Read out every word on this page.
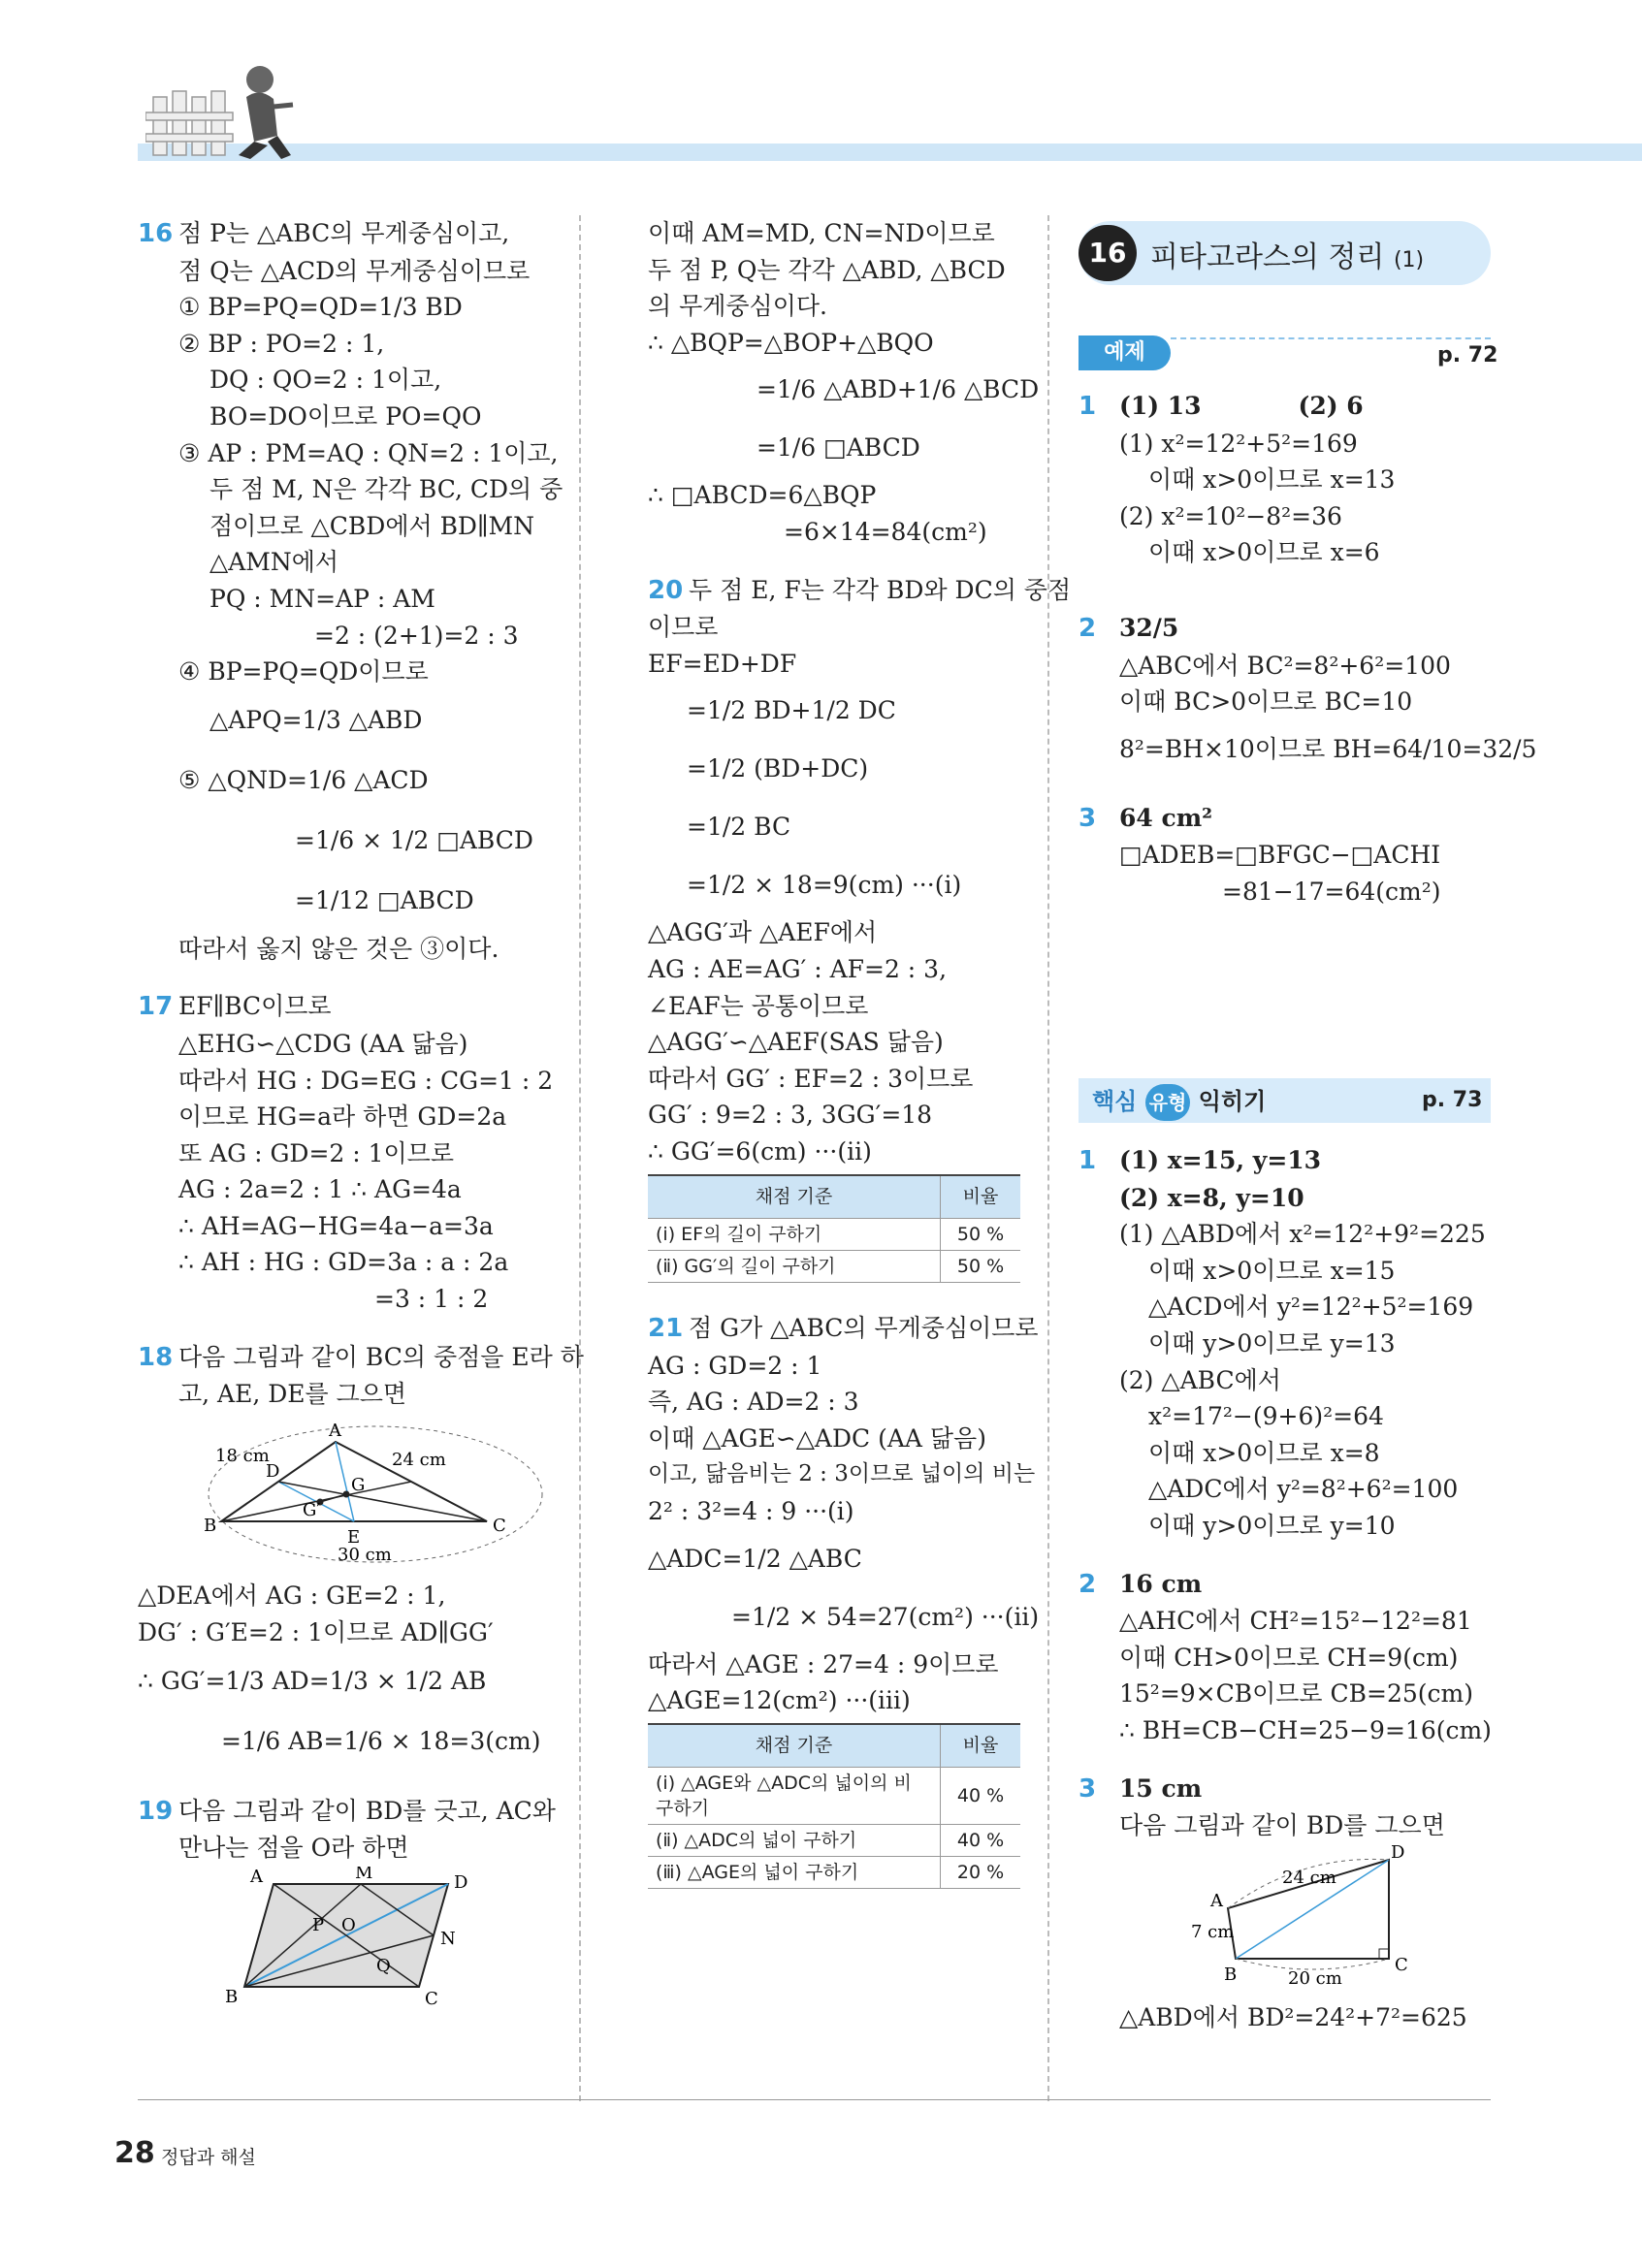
16 점 P는 △ABC의 무게중심이고,
점 Q는 △ACD의 무게중심이므로
① BP=PQ=QD=1/3 BD
② BP : PO=2 : 1,
DQ : QO=2 : 1이고,
BO=DO이므로 PO=QO
③ AP : PM=AQ : QN=2 : 1이고,
두 점 M, N은 각각 BC, CD의 중
점이므로 △CBD에서 BD∥MN
△AMN에서
PQ : MN=AP : AM
=2 : (2+1)=2 : 3
④ BP=PQ=QD이므로
△APQ=1/3 △ABD
⑤ △QND=1/6 △ACD
=1/6 × 1/2 □ABCD
=1/12 □ABCD
따라서 옳지 않은 것은 ③이다.
17 EF∥BC이므로
△EHG∽△CDG (AA 닮음)
따라서 HG : DG=EG : CG=1 : 2
이므로 HG=a라 하면 GD=2a
또 AG : GD=2 : 1이므로
AG : 2a=2 : 1 ∴ AG=4a
∴ AH=AG−HG=4a−a=3a
∴ AH : HG : GD=3a : a : 2a
=3 : 1 : 2
18 다음 그림과 같이 BC의 중점을 E라 하
고, AE, DE를 그으면
A
B	C
D
E
G
G′
18 cm	24 cm
30 cm
△DEA에서 AG : GE=2 : 1,
DG′ : G′E=2 : 1이므로 AD∥GG′
∴ GG′=1/3 AD=1/3 × 1/2 AB
=1/6 AB=1/6 × 18=3(cm)
19 다음 그림과 같이 BD를 긋고, AC와
만나는 점을 O라 하면
A	M	D
P O
N
Q
B	C
이때 AM=MD, CN=ND이므로
두 점 P, Q는 각각 △ABD, △BCD
의 무게중심이다.
∴ △BQP=△BOP+△BQO
=1/6 △ABD+1/6 △BCD
=1/6 □ABCD
∴ □ABCD=6△BQP
=6×14=84(cm²)
20 두 점 E, F는 각각 BD와 DC의 중점
이므로
EF=ED+DF
=1/2 BD+1/2 DC
=1/2 (BD+DC)
=1/2 BC
=1/2 × 18=9(cm) ···(ⅰ)
△AGG′과 △AEF에서
AG : AE=AG′ : AF=2 : 3,
∠EAF는 공통이므로
△AGG′∽△AEF(SAS 닮음)
따라서 GG′ : EF=2 : 3이므로
GG′ : 9=2 : 3, 3GG′=18
∴ GG′=6(cm) ···(ⅱ)
채점 기준	비율
(ⅰ) EF의 길이 구하기	50 %
(ⅱ) GG′의 길이 구하기	50 %
21 점 G가 △ABC의 무게중심이므로
AG : GD=2 : 1
즉, AG : AD=2 : 3
이때 △AGE∽△ADC (AA 닮음)
이고, 닮음비는 2 : 3이므로 넓이의 비는
2² : 3²=4 : 9 ···(ⅰ)
△ADC=1/2 △ABC
=1/2 × 54=27(cm²) ···(ⅱ)
따라서 △AGE : 27=4 : 9이므로
△AGE=12(cm²) ···(ⅲ)
채점 기준	비율
(ⅰ) △AGE와 △ADC의 넓이의 비 구하기	40 %
(ⅱ) △ADC의 넓이 구하기	40 %
(ⅲ) △AGE의 넓이 구하기	20 %
16 피타고라스의 정리 (1)
예제	p. 72
1 (1) 13	(2) 6
(1) x²=12²+5²=169
이때 x>0이므로 x=13
(2) x²=10²−8²=36
이때 x>0이므로 x=6
2 32/5
△ABC에서 BC²=8²+6²=100
이때 BC>0이므로 BC=10
8²=BH×10이므로 BH=64/10=32/5
3 64 cm²
□ADEB=□BFGC−□ACHI
=81−17=64(cm²)
핵심 유형 익히기	p. 73
1 (1) x=15, y=13
(2) x=8, y=10
(1) △ABD에서 x²=12²+9²=225
이때 x>0이므로 x=15
△ACD에서 y²=12²+5²=169
이때 y>0이므로 y=13
(2) △ABC에서
x²=17²−(9+6)²=64
이때 x>0이므로 x=8
△ADC에서 y²=8²+6²=100
이때 y>0이므로 y=10
2 16 cm
△AHC에서 CH²=15²−12²=81
이때 CH>0이므로 CH=9(cm)
15²=9×CB이므로 CB=25(cm)
∴ BH=CB−CH=25−9=16(cm)
3 15 cm
다음 그림과 같이 BD를 그으면
D
A
B	C
24 cm
7 cm
20 cm
△ABD에서 BD²=24²+7²=625
28 정답과 해설
